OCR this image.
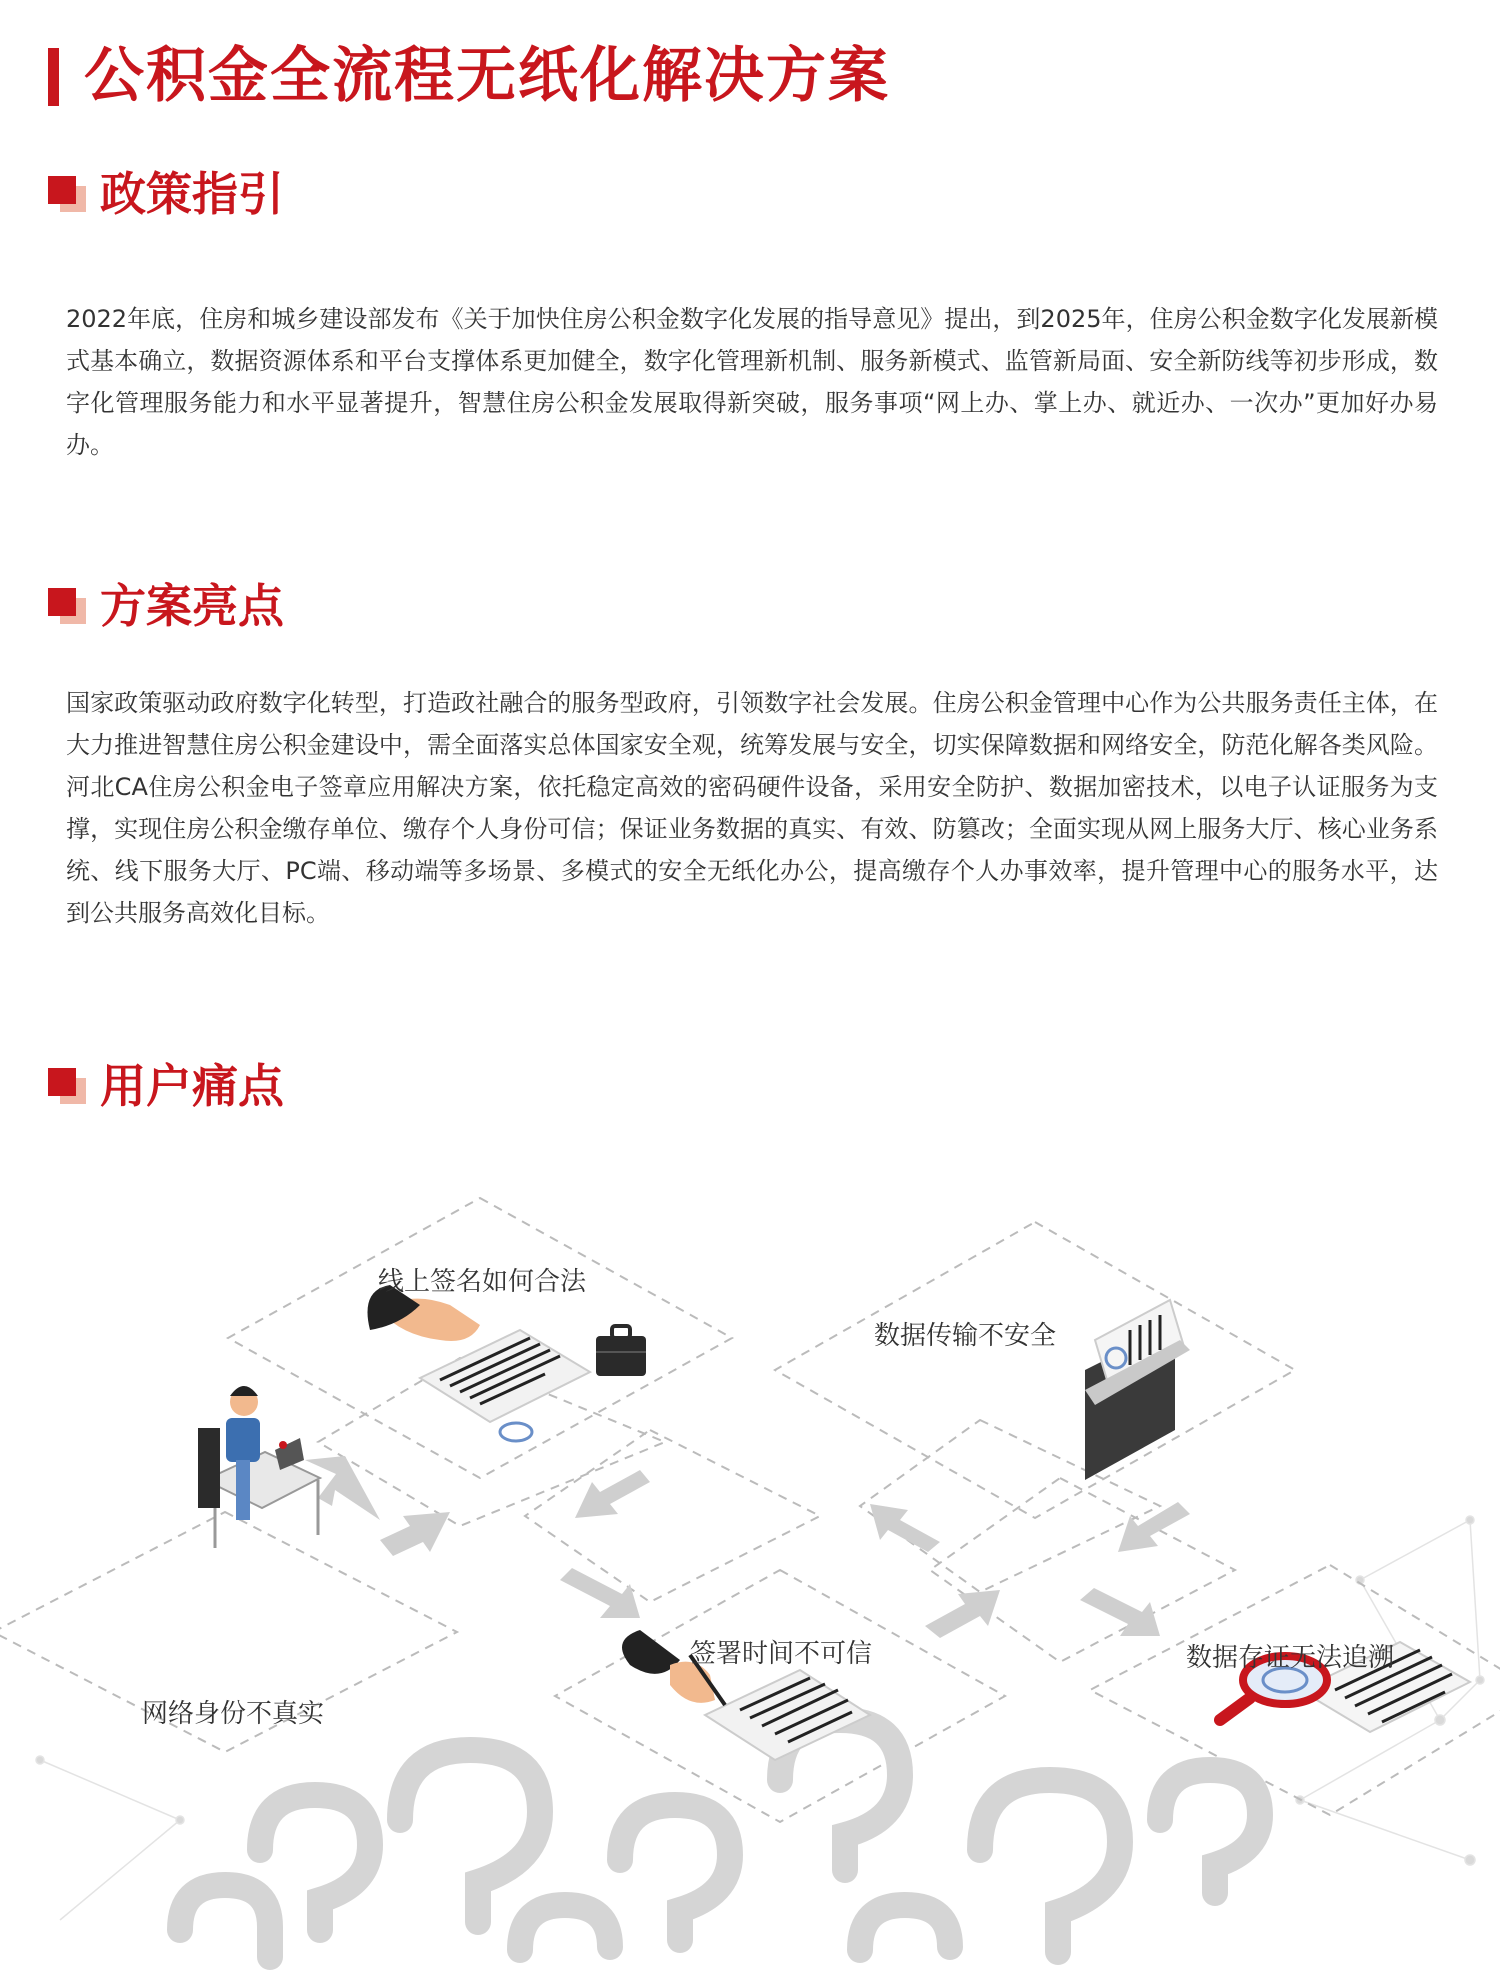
公积金全流程无纸化解决方案
政策指引

2022年底，住房和城乡建设部发布《关于加快住房公积金数字化发展的指导意见》提出，到2025年，住房公积金数字化发展新模式基本确立，数据资源体系和平台支撑体系更加健全，数字化管理新机制、服务新模式、监管新局面、安全新防线等初步形成，数字化管理服务能力和水平显著提升，智慧住房公积金发展取得新突破，服务事项“网上办、掌上办、就近办、一次办”更加好办易办。

方案亮点

国家政策驱动政府数字化转型，打造政社融合的服务型政府，引领数字社会发展。住房公积金管理中心作为公共服务责任主体，在大力推进智慧住房公积金建设中，需全面落实总体国家安全观，统筹发展与安全，切实保障数据和网络安全，防范化解各类风险。河北CA住房公积金电子签章应用解决方案，依托稳定高效的密码硬件设备，采用安全防护、数据加密技术，以电子认证服务为支撑，实现住房公积金缴存单位、缴存个人身份可信；保证业务数据的真实、有效、防篡改；全面实现从网上服务大厅、核心业务系统、线下服务大厅、PC端、移动端等多场景、多模式的安全无纸化办公，提高缴存个人办事效率，提升管理中心的服务水平，达到公共服务高效化目标。

用户痛点
线上签名如何合法
数据传输不安全
网络身份不真实
签署时间不可信	数据存证无法追溯
